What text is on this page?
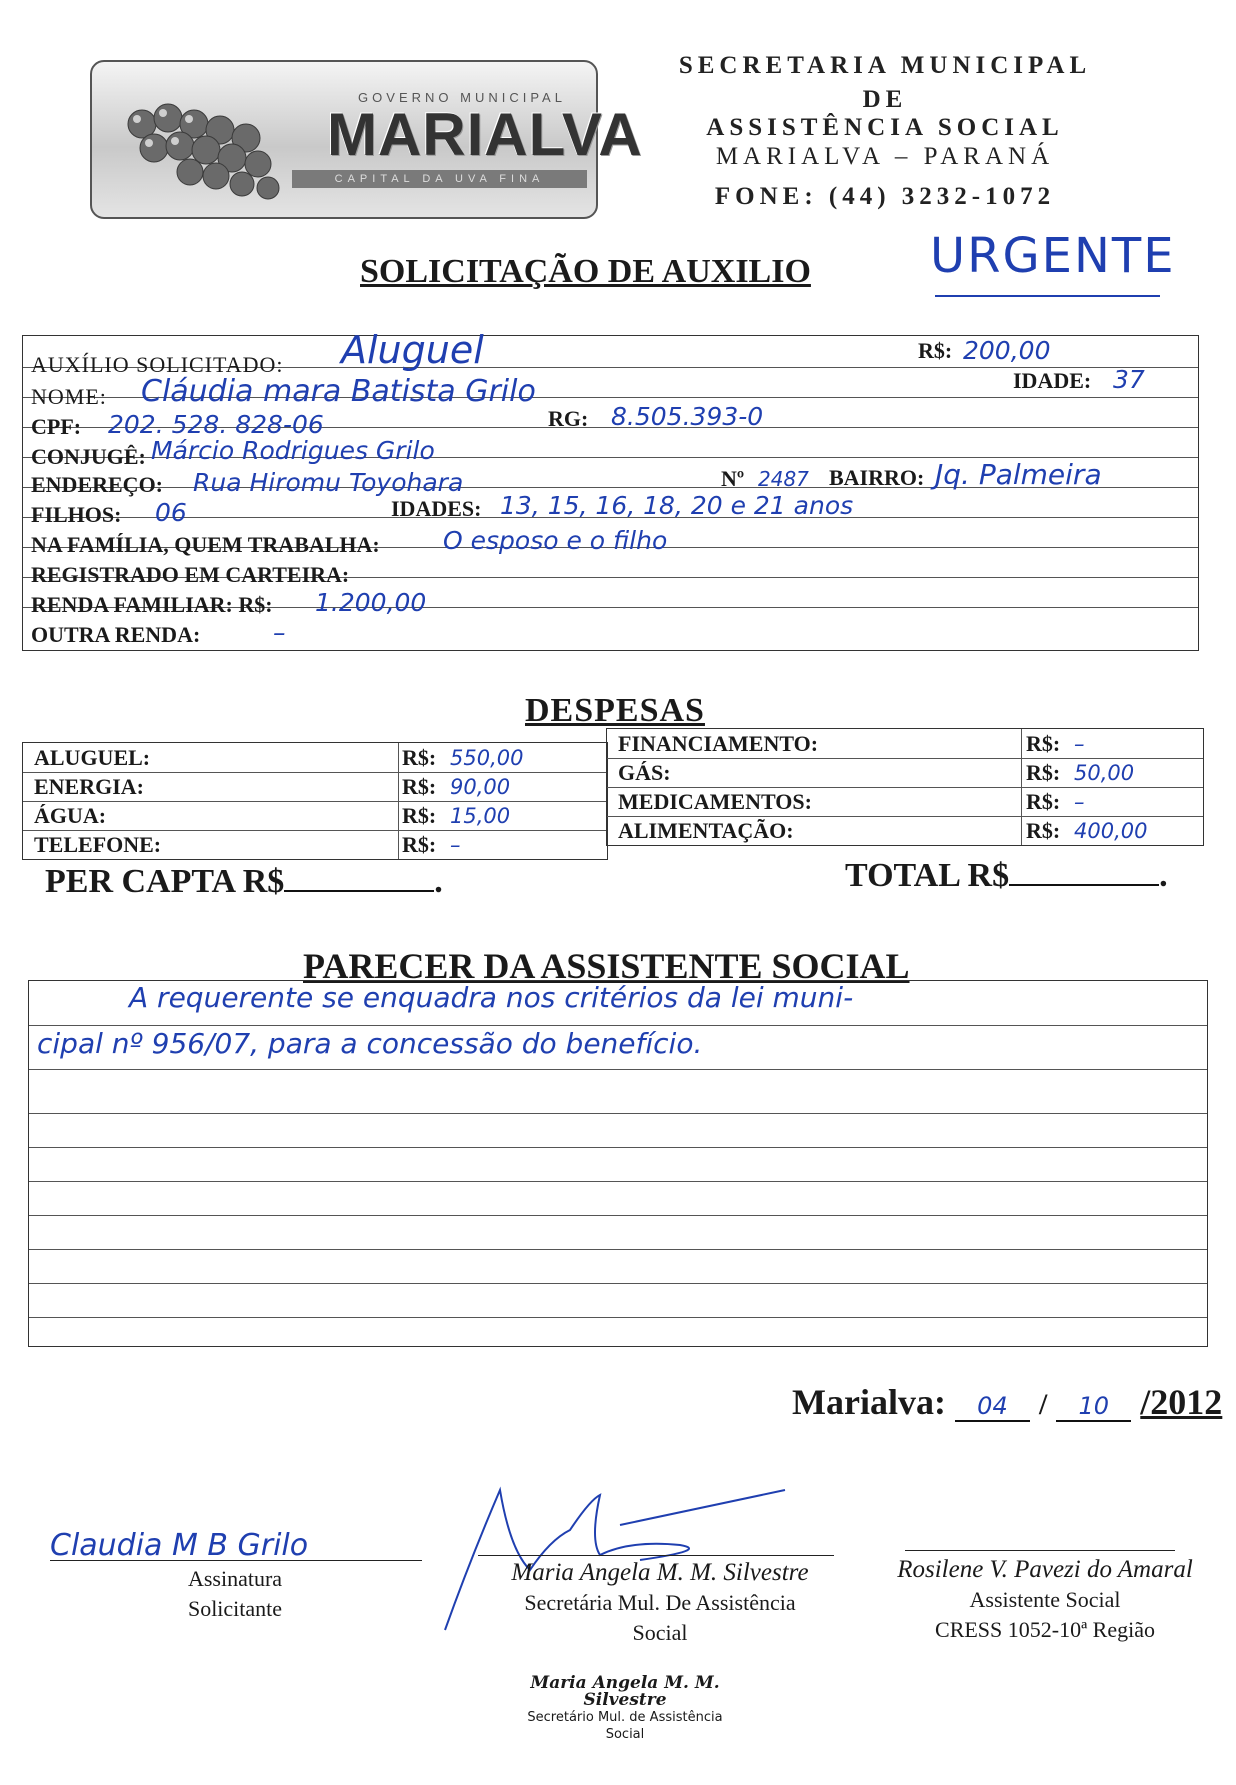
GOVERNO MUNICIPAL
MARIALVA
CAPITAL DA UVA FINA
SECRETARIA MUNICIPAL
DE
ASSISTÊNCIA SOCIAL
MARIALVA – PARANÁ
FONE: (44) 3232-1072
SOLICITAÇÃO DE AUXILIO URGENTE
AUXÍLIO SOLICITADO: Aluguel	R$: 200,00
NOME: Cláudia mara Batista Grilo	IDADE: 37
CPF: 202. 528. 828-06	RG: 8.505.393-0
CONJUGÊ: Márcio Rodrigues Grilo
ENDEREÇO: Rua Hiromu Toyohara	Nº 2487 BAIRRO: Jq. Palmeira
FILHOS: 06	IDADES: 13, 15, 16, 18, 20 e 21 anos
NA FAMÍLIA, QUEM TRABALHA:	O esposo e o filho
REGISTRADO EM CARTEIRA:
RENDA FAMILIAR: R$: 1.200,00
OUTRA RENDA:	–
DESPESAS
ALUGUEL:	R$: 550,00
ENERGIA:	R$: 90,00
ÁGUA:	R$: 15,00
TELEFONE:	R$: –
FINANCIAMENTO:	R$: –
GÁS:	R$: 50,00
MEDICAMENTOS:	R$: –
ALIMENTAÇÃO:	R$: 400,00
PER CAPTA R$	.	TOTAL R$	.
PARECER DA ASSISTENTE SOCIAL
A requerente se enquadra nos critérios da lei muni-
cipal nº 956/07, para a concessão do benefício.
Marialva: 04 / 10 /2012
Claudia M B Grilo
Assinatura
Solicitante
Maria Angela M. M. Silvestre
Secretária Mul. De Assistência
Social
Rosilene V. Pavezi do Amaral
Assistente Social
CRESS 1052-10ª Região
Maria Angela M. M. Silvestre
Secretário Mul. de Assistência
Social
